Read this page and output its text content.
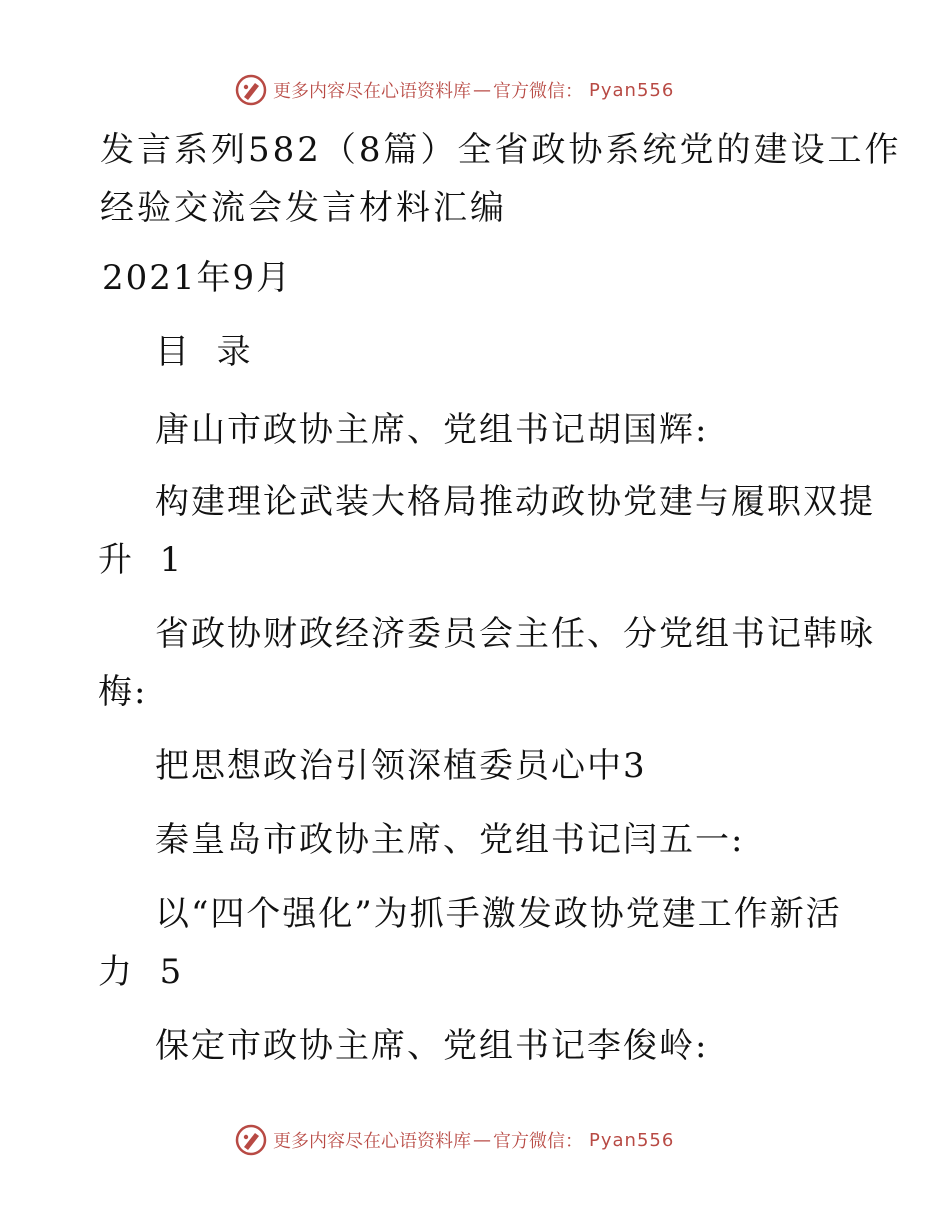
更多内容尽在心语资料库 — 官方微信： Pyan556
发言系列582（8篇）全省政协系统党的建设工作
经验交流会发言材料汇编
2021年9月
目  录
唐山市政协主席、党组书记胡国辉:
构建理论武装大格局推动政协党建与履职双提
升  1
省政协财政经济委员会主任、分党组书记韩咏
梅:
把思想政治引领深植委员心中3
秦皇岛市政协主席、党组书记闫五一:
以“四个强化”为抓手激发政协党建工作新活
力  5
保定市政协主席、党组书记李俊岭:
更多内容尽在心语资料库 — 官方微信： Pyan556
